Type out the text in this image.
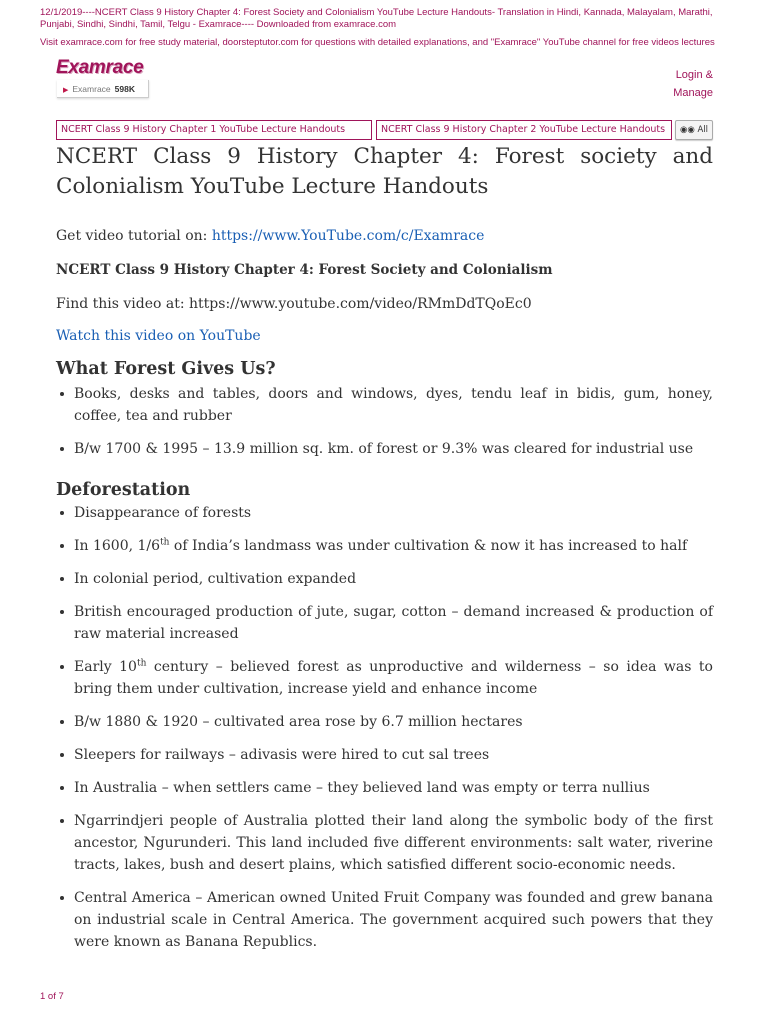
12/1/2019----NCERT Class 9 History Chapter 4: Forest Society and Colonialism YouTube Lecture Handouts- Translation in Hindi, Kannada, Malayalam, Marathi, Punjabi, Sindhi, Sindhi, Tamil, Telgu - Examrace---- Downloaded from examrace.com
Visit examrace.com for free study material, doorsteptutor.com for questions with detailed explanations, and "Examrace" YouTube channel for free videos lectures
Examrace
▶ Examrace 598K
Login &
Manage
NCERT Class 9 History Chapter 1 YouTube Lecture Handouts	NCERT Class 9 History Chapter 2 YouTube Lecture Handouts	◉◉ All
NCERT Class 9 History Chapter 4: Forest society and Colonialism YouTube Lecture Handouts

Get video tutorial on: https://www.YouTube.com/c/Examrace

NCERT Class 9 History Chapter 4: Forest Society and Colonialism

Find this video at: https://www.youtube.com/video/RMmDdTQoEc0

Watch this video on YouTube

What Forest Gives Us?
Books, desks and tables, doors and windows, dyes, tendu leaf in bidis, gum, honey, coffee, tea and rubber
B/w 1700 & 1995 – 13.9 million sq. km. of forest or 9.3% was cleared for industrial use
Deforestation
Disappearance of forests
In 1600, 1/6th of India’s landmass was under cultivation & now it has increased to half
In colonial period, cultivation expanded
British encouraged production of jute, sugar, cotton – demand increased & production of raw material increased
Early 10th century – believed forest as unproductive and wilderness – so idea was to bring them under cultivation, increase yield and enhance income
B/w 1880 & 1920 – cultivated area rose by 6.7 million hectares
Sleepers for railways – adivasis were hired to cut sal trees
In Australia – when settlers came – they believed land was empty or terra nullius
Ngarrindjeri people of Australia plotted their land along the symbolic body of the first ancestor, Ngurunderi. This land included five different environments: salt water, riverine tracts, lakes, bush and desert plains, which satisfied different socio-economic needs.
Central America – American owned United Fruit Company was founded and grew banana on industrial scale in Central America. The government acquired such powers that they were known as Banana Republics.
1 of 7
